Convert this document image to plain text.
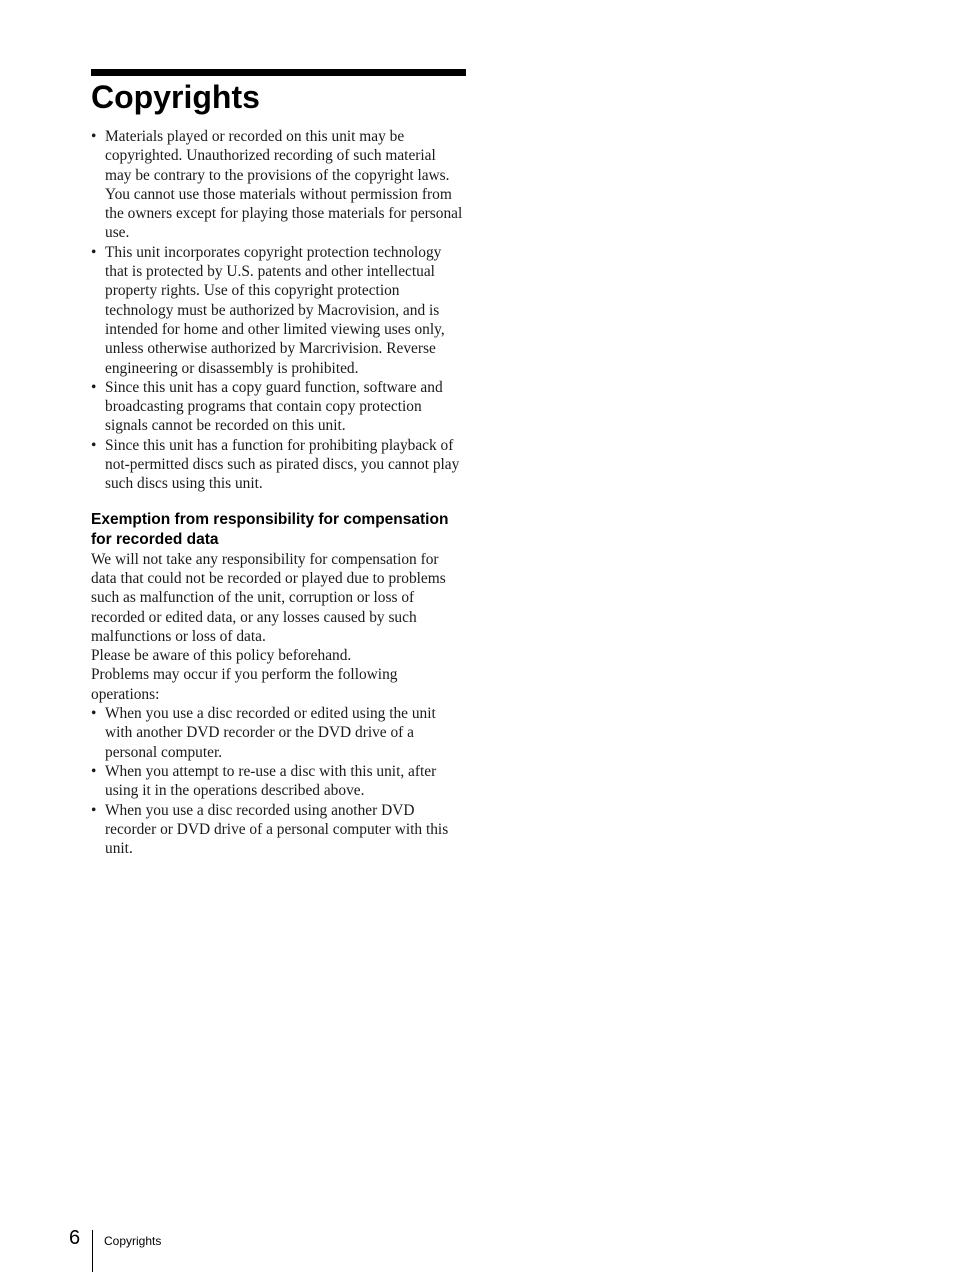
Copyrights
• Materials played or recorded on this unit may be copyrighted. Unauthorized recording of such material may be contrary to the provisions of the copyright laws. You cannot use those materials without permission from the owners except for playing those materials for personal use.
• This unit incorporates copyright protection technology that is protected by U.S. patents and other intellectual property rights. Use of this copyright protection technology must be authorized by Macrovision, and is intended for home and other limited viewing uses only, unless otherwise authorized by Marcrivision. Reverse engineering or disassembly is prohibited.
• Since this unit has a copy guard function, software and broadcasting programs that contain copy protection signals cannot be recorded on this unit.
• Since this unit has a function for prohibiting playback of not-permitted discs such as pirated discs, you cannot play such discs using this unit.
Exemption from responsibility for compensation for recorded data

We will not take any responsibility for compensation for data that could not be recorded or played due to problems such as malfunction of the unit, corruption or loss of recorded or edited data, or any losses caused by such malfunctions or loss of data.

Please be aware of this policy beforehand.

Problems may occur if you perform the following operations:

• When you use a disc recorded or edited using the unit with another DVD recorder or the DVD drive of a personal computer.
• When you attempt to re-use a disc with this unit, after using it in the operations described above.
• When you use a disc recorded using another DVD recorder or DVD drive of a personal computer with this unit.
6 Copyrights
